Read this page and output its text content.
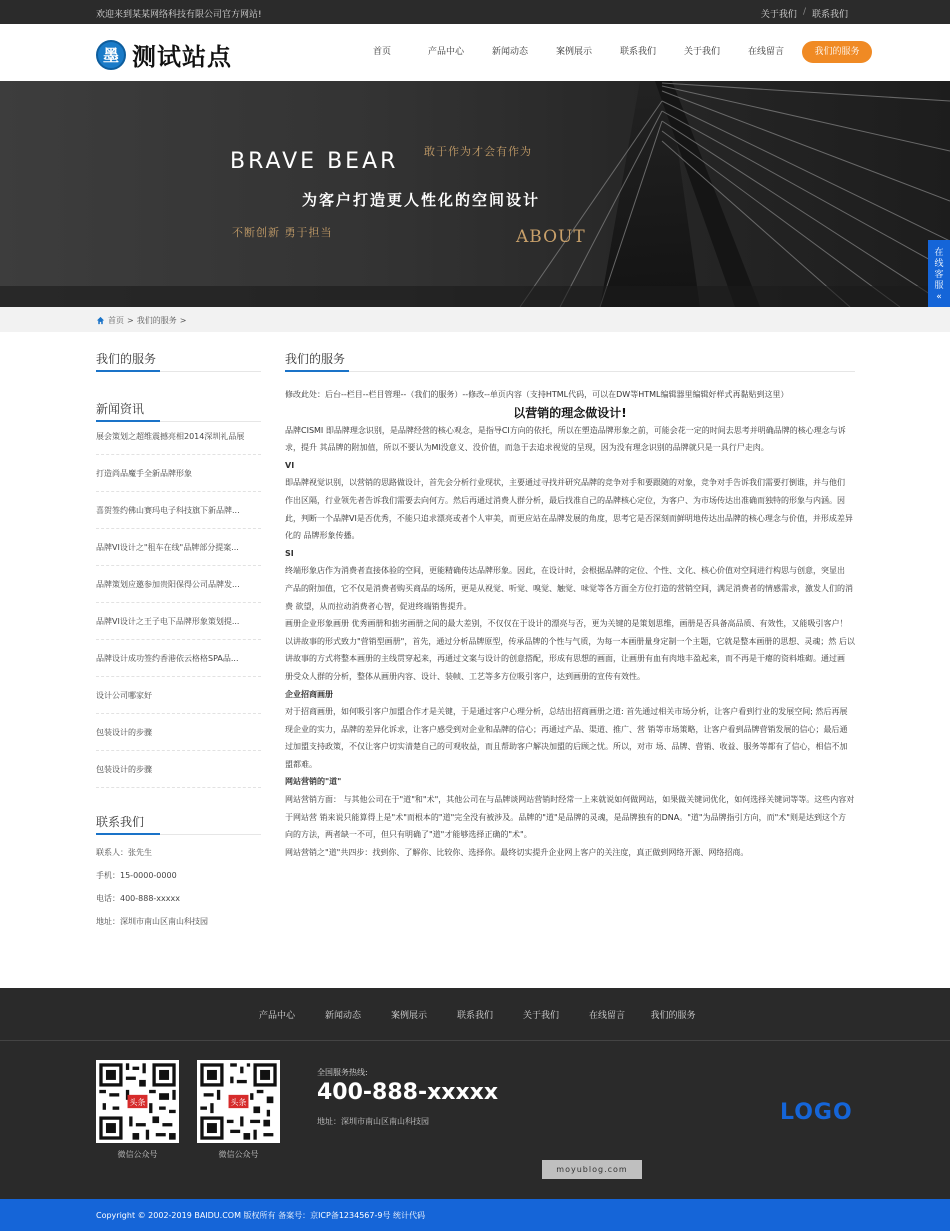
欢迎来到某某网络科技有限公司官方网站!	关于我们 / 联系我们
墨 测试站点	首页	产品中心	新闻动态	案例展示	联系我们	关于我们	在线留言	我们的服务
BRAVE BEAR 敢于作为才会有作为
为客户打造更人性化的空间设计
不断创新 勇于担当	ABOUT
在
线
客
服
«
首页 > 我们的服务 >
我们的服务
新闻资讯
展会策划之超维震撼亮相2014深圳礼品展
打造尚品魔手全新品牌形象
喜贺签约佛山赛玛电子科技旗下新品牌...
品牌VI设计之"租车在线"品牌部分提案...
品牌策划应邀参加贵阳保得公司品牌发...
品牌VI设计之王子电下品牌形象策划提...
品牌设计成功签约香港依云格格SPA品...
设计公司哪家好
包装设计的步骤
包装设计的步骤
联系我们
联系人：张先生
手机：15-0000-0000
电话：400-888-xxxxx
地址：深圳市南山区南山科技园
我们的服务
修改此处：后台--栏目--栏目管理--（我们的服务）--修改--单页内容（支持HTML代码，可以在DW等HTML编辑器里编辑好样式再黏贴到这里）
以营销的理念做设计!
品牌CISMI 即品牌理念识别，是品牌经营的核心观念，是指导CI方向的依托，所以在塑造品牌形象之前，可能会花一定的时间去思考并明确品牌的核心理念与诉求，提升 其品牌的附加值，所以不要认为MI没意义、没价值，而急于去追求视觉的呈现，因为没有理念识别的品牌就只是一具行尸走肉。
VI
即品牌视觉识别，以营销的思路做设计，首先会分析行业现状，主要通过寻找并研究品牌的竞争对手和要跟随的对象，竞争对手告诉我们需要打倒谁，并与他们 作出区隔，行业领先者告诉我们需要去向何方。然后再通过消费人群分析，最后找准自己的品牌核心定位，为客户、为市场传达出准确而独特的形象与内涵。因此，判断一个品牌VI是否优秀，不能只追求漂亮或者个人审美，而更应站在品牌发展的角度，思考它是否深刻而鲜明地传达出品牌的核心理念与价值，并形成差异化的 品牌形象传播。
SI
终端形象店作为消费者直接体验的空间，更能精确传达品牌形象。因此，在设计时，会根据品牌的定位、个性、文化、核心价值对空间进行构思与创意，突显出 产品的附加值，它不仅是消费者购买商品的场所，更是从视觉、听觉、嗅觉、触觉、味觉等各方面全方位打造的营销空间，满足消费者的情感需求，激发人们的消费 欲望，从而拉动消费者心智，促进终端销售提升。
画册企业形象画册 优秀画册和拙劣画册之间的最大差别，不仅仅在于设计的漂亮与否，更为关键的是策划思维，画册是否具备高品质、有效性，又能吸引客户！以讲故事的形式致力"营销型画册"，首先，通过分析品牌原型，传承品牌的个性与气质，为每一本画册量身定制一个主题，它就是整本画册的思想、灵魂；然 后以讲故事的方式将整本画册的主线贯穿起来，再通过文案与设计的创意搭配，形成有思想的画面，让画册有血有肉地丰盈起来，而不再是干瘪的资料堆砌。通过画 册受众人群的分析，整体从画册内容、设计、装帧、工艺等多方位吸引客户，达到画册的宣传有效性。
企业招商画册
对于招商画册，如何吸引客户加盟合作才是关键，于是通过客户心理分析，总结出招商画册之道: 首先通过相关市场分析，让客户看到行业的发展空间; 然后再展现企业的实力，品牌的差异化诉求，让客户感受到对企业和品牌的信心；再通过产品、渠道、推广、营 销等市场策略，让客户看到品牌营销发展的信心；最后通过加盟支持政策，不仅让客户切实清楚自己的可观收益，而且帮助客户解决加盟的后顾之忧。所以，对市 场、品牌、营销、收益、服务等都有了信心，相信不加盟都难。
网站营销的"道"
网站营销方面： 与其他公司在于"道"和"术"，其他公司在与品牌谈网站营销时经常一上来就说如何做网站，如果做关键词优化，如何选择关键词等等。这些内容对于网站营 销来说只能算得上是"术"而根本的"道"完全没有被涉及。品牌的"道"是品牌的灵魂，是品牌独有的DNA。"道"为品牌指引方向，而"术"则是达到这个方 向的方法，两者缺一不可，但只有明确了"道"才能够选择正确的"术"。
网站营销之"道"共四步：找到你、了解你、比较你、选择你。最终切实提升企业网上客户的关注度，真正做到网络开源、网络招商。
产品中心	新闻动态	案例展示	联系我们	关于我们	在线留言	我们的服务
头条
微信公众号
头条
微信公众号
全国服务热线:
400-888-xxxxx
地址：深圳市南山区南山科技园	LOGO
moyublog.com
Copyright © 2002-2019 BAIDU.COM 版权所有 备案号：京ICP备1234567-9号 统计代码
